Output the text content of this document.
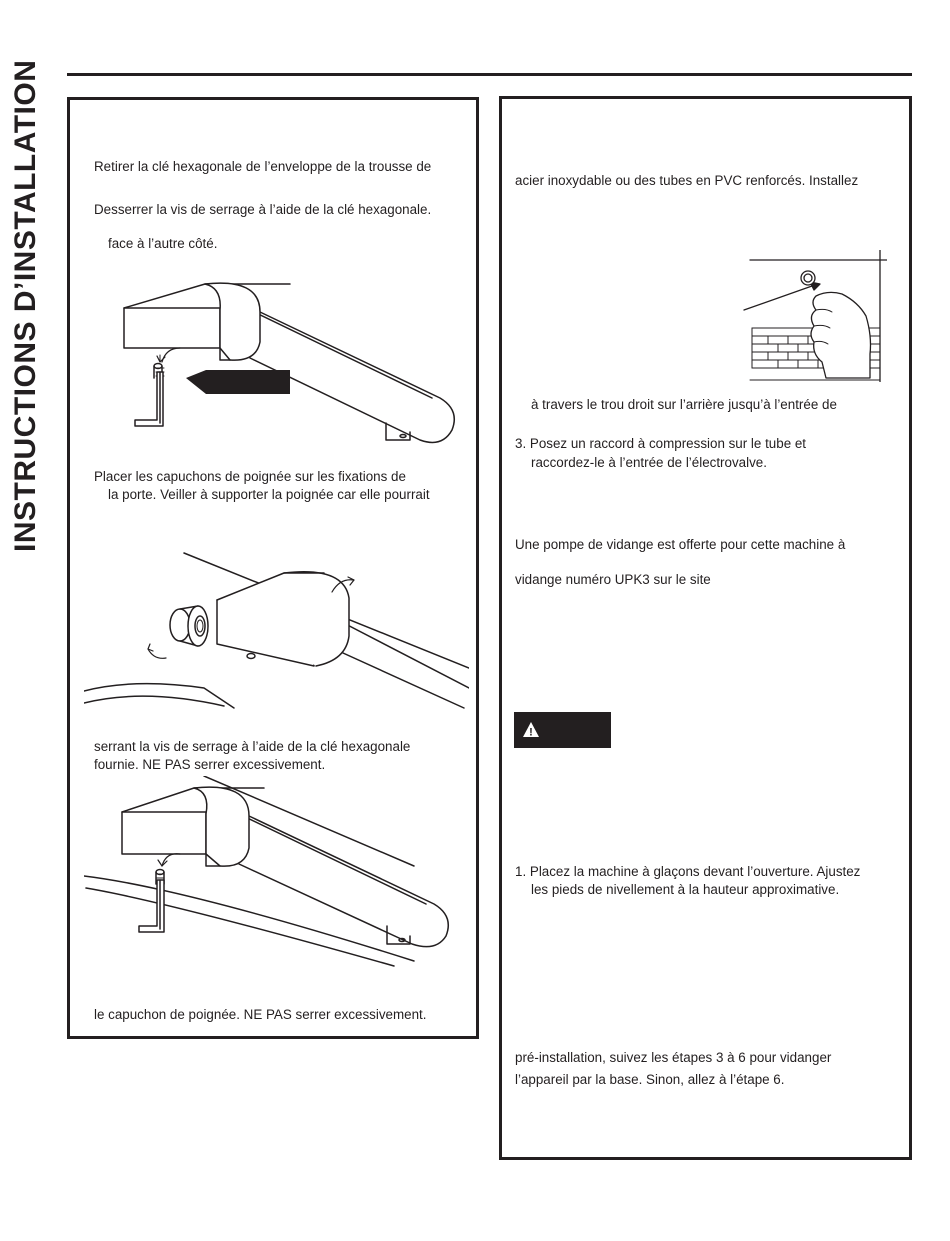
INSTRUCTIONS D’INSTALLATION	Retirer la clé hexagonale de l’enveloppe de la trousse de
Desserrer la vis de serrage à l’aide de la clé hexagonale.
face à l’autre côté.
Placer les capuchons de poignée sur les fixations de
la porte. Veiller à supporter la poignée car elle pourrait
serrant la vis de serrage à l’aide de la clé hexagonale
fournie. NE PAS serrer excessivement.
le capuchon de poignée. NE PAS serrer excessivement.
acier inoxydable ou des tubes en PVC renforcés. Installez
à travers le trou droit sur l’arrière jusqu’à l’entrée de
3. Posez un raccord à compression sur le tube et
raccordez-le à l’entrée de l’électrovalve.
Une pompe de vidange est offerte pour cette machine à
vidange numéro UPK3 sur le site
!
1. Placez la machine à glaçons devant l’ouverture. Ajustez
les pieds de nivellement à la hauteur approximative.
pré-installation, suivez les étapes 3 à 6 pour vidanger
l’appareil par la base. Sinon, allez à l’étape 6.
